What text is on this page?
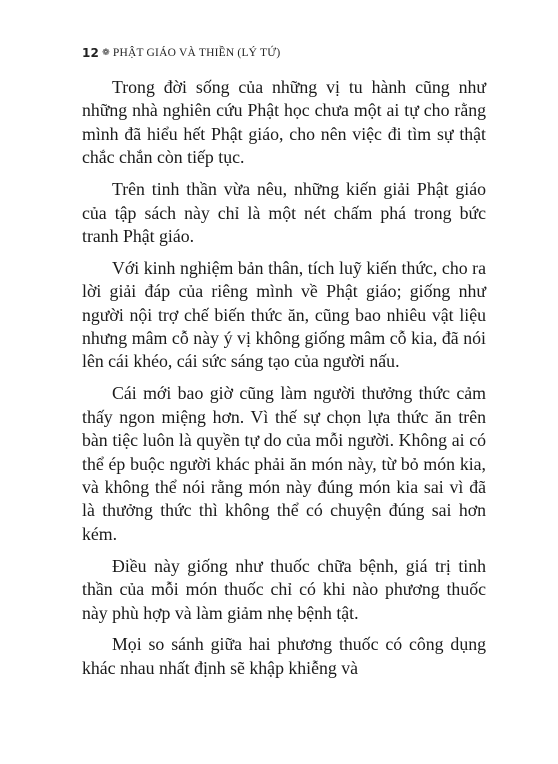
12 ❁ PHẬT GIÁO VÀ THIỀN (LÝ TỨ)

Trong đời sống của những vị tu hành cũng như những nhà nghiên cứu Phật học chưa một ai tự cho rằng mình đã hiểu hết Phật giáo, cho nên việc đi tìm sự thật chắc chắn còn tiếp tục.

Trên tinh thần vừa nêu, những kiến giải Phật giáo của tập sách này chỉ là một nét chấm phá trong bức tranh Phật giáo.

Với kinh nghiệm bản thân, tích luỹ kiến thức, cho ra lời giải đáp của riêng mình về Phật giáo; giống như người nội trợ chế biến thức ăn, cũng bao nhiêu vật liệu nhưng mâm cỗ này ý vị không giống mâm cỗ kia, đã nói lên cái khéo, cái sức sáng tạo của người nấu.

Cái mới bao giờ cũng làm người thưởng thức cảm thấy ngon miệng hơn. Vì thế sự chọn lựa thức ăn trên bàn tiệc luôn là quyền tự do của mỗi người. Không ai có thể ép buộc người khác phải ăn món này, từ bỏ món kia, và không thể nói rằng món này đúng món kia sai vì đã là thưởng thức thì không thể có chuyện đúng sai hơn kém.

Điều này giống như thuốc chữa bệnh, giá trị tinh thần của mỗi món thuốc chỉ có khi nào phương thuốc này phù hợp và làm giảm nhẹ bệnh tật.

Mọi so sánh giữa hai phương thuốc có công dụng khác nhau nhất định sẽ khập khiễng và
